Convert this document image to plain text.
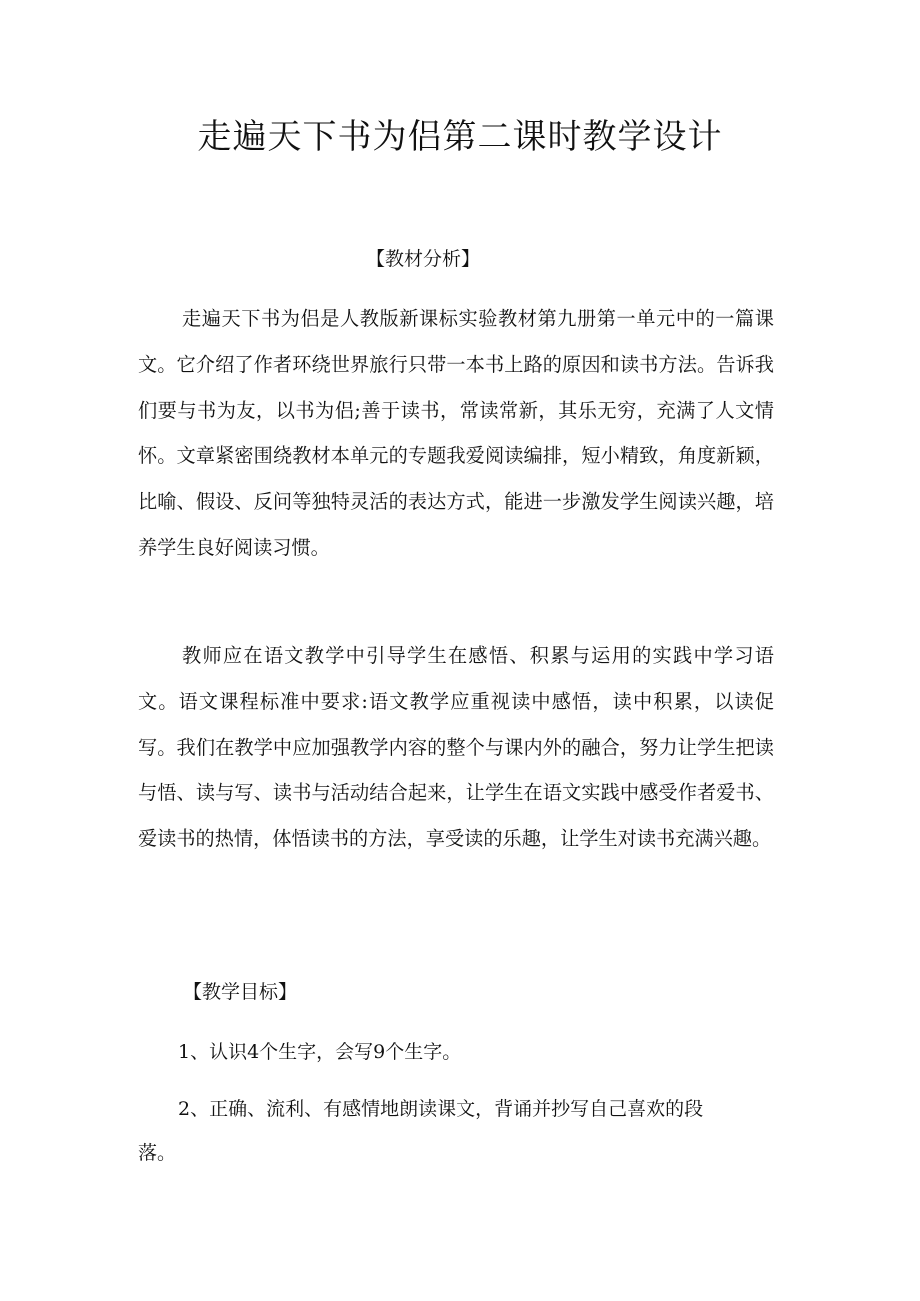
走遍天下书为侣第二课时教学设计
【教材分析】

走遍天下书为侣是人教版新课标实验教材第九册第一单元中的一篇课文。它介绍了作者环绕世界旅行只带一本书上路的原因和读书方法。告诉我们要与书为友，以书为侣;善于读书，常读常新，其乐无穷，充满了人文情怀。文章紧密围绕教材本单元的专题我爱阅读编排，短小精致，角度新颖，比喻、假设、反问等独特灵活的表达方式，能进一步激发学生阅读兴趣，培养学生良好阅读习惯。

教师应在语文教学中引导学生在感悟、积累与运用的实践中学习语文。语文课程标准中要求:语文教学应重视读中感悟，读中积累，以读促写。我们在教学中应加强教学内容的整个与课内外的融合，努力让学生把读与悟、读与写、读书与活动结合起来，让学生在语文实践中感受作者爱书、爱读书的热情，体悟读书的方法，享受读的乐趣，让学生对读书充满兴趣。

【教学目标】

1、认识4个生字，会写9个生字。

2、正确、流利、有感情地朗读课文，背诵并抄写自己喜欢的段落。
